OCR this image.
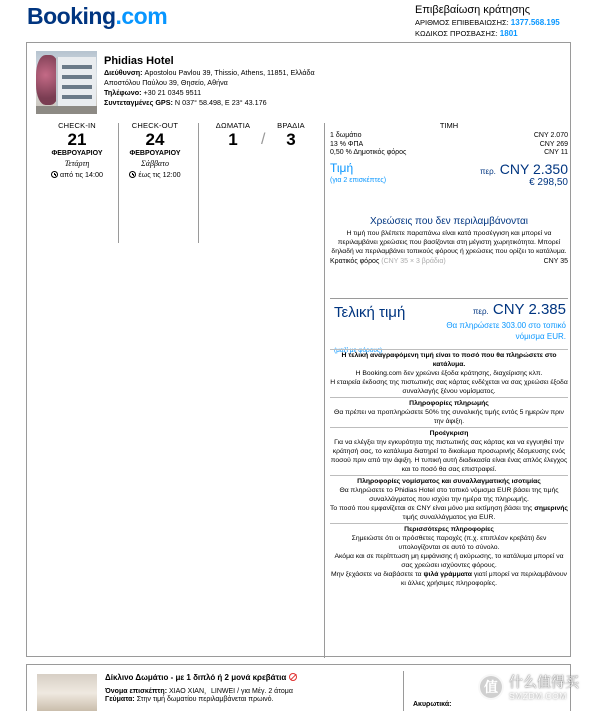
Booking.com	Επιβεβαίωση κράτησης
ΑΡΙΘΜΟΣ ΕΠΙΒΕΒΑΙΩΣΗΣ: 1377.568.195
ΚΩΔΙΚΟΣ ΠΡΟΣΒΑΣΗΣ: 1801
Phidias Hotel
Διεύθυνση: Apostolou Pavlou 39, Thissio, Athens, 11851, Ελλάδα
Αποστόλου Παύλου 39, Θησείο, Αθήνα
Τηλέφωνο: +30 21 0345 9511
Συντεταγμένες GPS: N 037° 58.498, E 23° 43.176
CHECK-IN
21
ΦΕΒΡΟΥΑΡΙΟΥ
Τετάρτη
από τις 14:00
CHECK-OUT
24
ΦΕΒΡΟΥΑΡΙΟΥ
Σάββατο
έως τις 12:00
ΔΩΜΑΤΙΑ
1	/
ΒΡΑΔΙΑ
3
ΤΙΜΗ
1 δωμάτιο	CNY 2.070
13 % ΦΠΑ	CNY 269
0,50 % Δημοτικός φόρος	CNY 11
Τιμή	περ. CNY 2.350
(για 2 επισκέπτες)	€ 298,50
Χρεώσεις που δεν περιλαμβάνονται
Η τιμή που βλέπετε παραπάνω είναι κατά προσέγγιση και μπορεί να περιλαμβάνει χρεώσεις που βασίζονται στη μέγιστη χωρητικότητα. Μπορεί δηλαδή να περιλαμβάνει τοπικούς φόρους ή χρεώσεις που ορίζει το κατάλυμα.
Κρατικός φόρος (CNY 35 × 3 βράδια)	CNY 35
Τελική τιμή	περ. CNY 2.385
Θα πληρώσετε 303.00 στο τοπικό νόμισμα EUR.
(μαζί με φόρους)
Η τελική αναγραφόμενη τιμή είναι το ποσό που θα πληρώσετε στο κατάλυμα.
Η Booking.com δεν χρεώνει έξοδα κράτησης, διαχείρισης κλπ.
Η εταιρεία έκδοσης της πιστωτικής σας κάρτας ενδέχεται να σας χρεώσει έξοδα συναλλαγής ξένου νομίσματος.
Πληροφορίες πληρωμής
Θα πρέπει να προπληρώσετε 50% της συνολικής τιμής εντός 5 ημερών πριν την άφιξη.
Προέγκριση
Για να ελέγξει την εγκυρότητα της πιστωτικής σας κάρτας και να εγγυηθεί την κράτησή σας, το κατάλυμα διατηρεί το δικαίωμα προσωρινής δέσμευσης ενός ποσού πριν από την άφιξη. Η τυπική αυτή διαδικασία είναι ένας απλός έλεγχος και το ποσό θα σας επιστραφεί.
Πληροφορίες νομίσματος και συναλλαγματικής ισοτιμίας
Θα πληρώσετε το Phidias Hotel στο τοπικό νόμισμα EUR βάσει της τιμής συναλλάγματος που ισχύει την ημέρα της πληρωμής.
Το ποσό που εμφανίζεται σε CNY είναι μόνο μια εκτίμηση βάσει της σημερινής τιμής συναλλάγματος για EUR.
Περισσότερες πληροφορίες
Σημειώστε ότι οι πρόσθετες παροχές (π.χ. επιπλέον κρεβάτι) δεν υπολογίζονται σε αυτό το σύνολο.
Ακόμα και σε περίπτωση μη εμφάνισης ή ακύρωσης, το κατάλυμα μπορεί να σας χρεώσει ισχύοντες φόρους.
Μην ξεχάσετε να διαβάσετε τα ψιλά γράμματα γιατί μπορεί να περιλαμβάνουν κι άλλες χρήσιμες πληροφορίες.
Δίκλινο Δωμάτιο - με 1 διπλό ή 2 μονά κρεβάτια
Όνομα επισκέπτη: XIAO XIAN，LINWEI / για Μέγ. 2 άτομα
Γεύματα: Στην τιμή δωματίου περιλαμβάνεται πρωινό.
Ακυρωτικά:
值 什么值得买
SMZDM.COM
